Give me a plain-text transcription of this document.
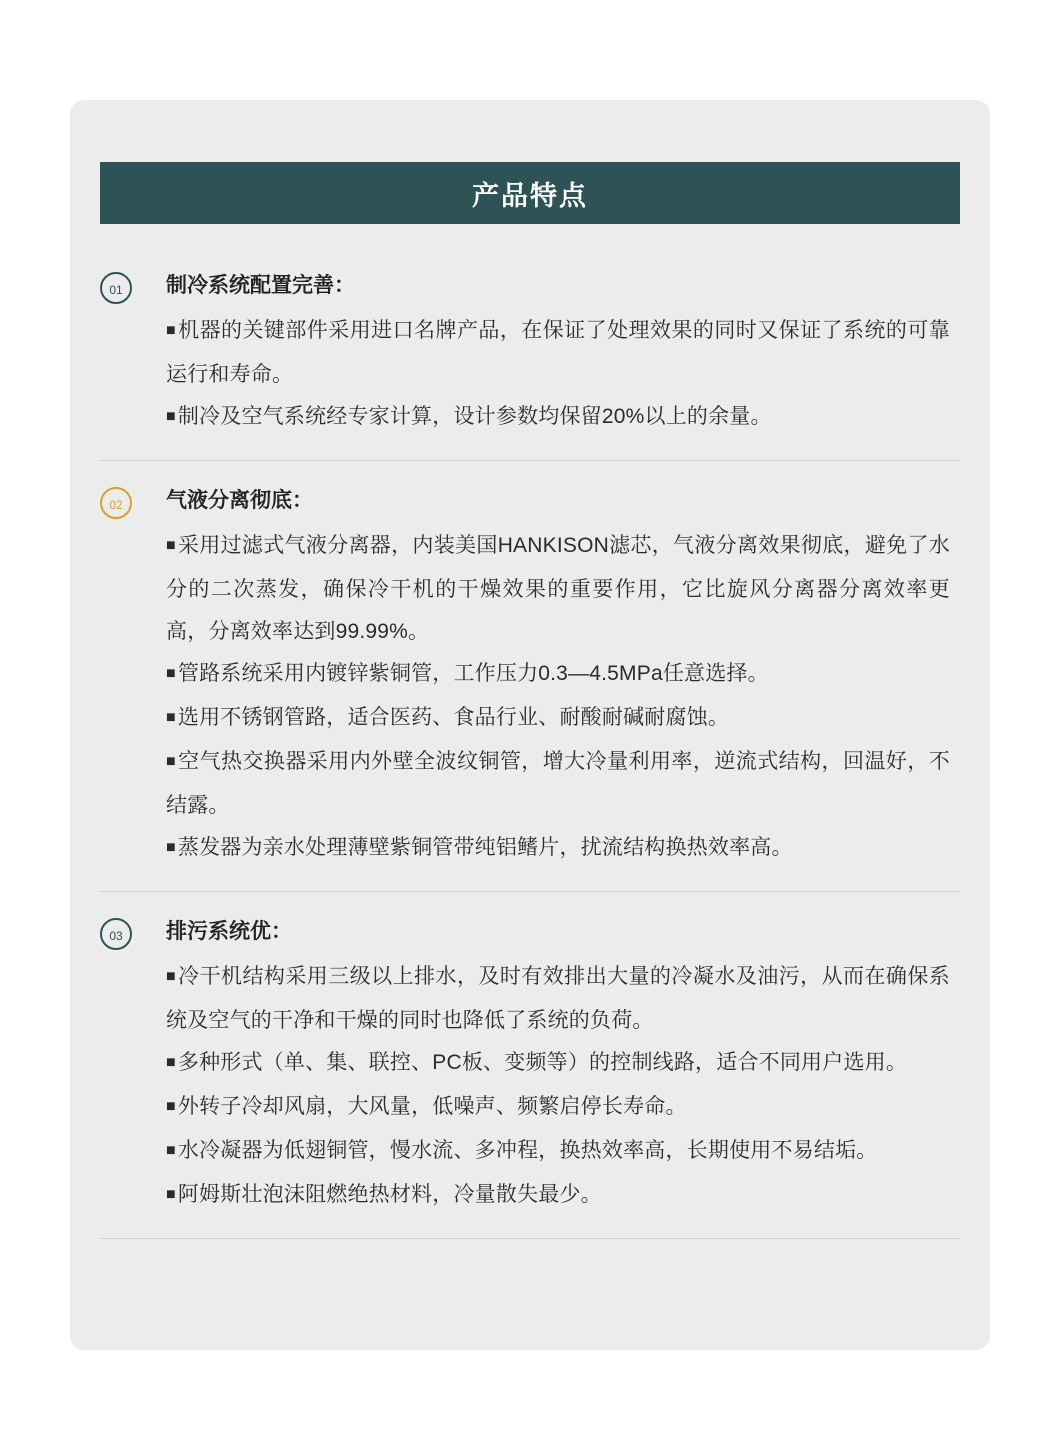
产品特点
01	制冷系统配置完善：
■机器的关键部件采用进口名牌产品，在保证了处理效果的同时又保证了系统的可靠运行和寿命。
■制冷及空气系统经专家计算，设计参数均保留20%以上的余量。
02	气液分离彻底：
■采用过滤式气液分离器，内装美国HANKISON滤芯，气液分离效果彻底，避免了水分的二次蒸发，确保冷干机的干燥效果的重要作用，它比旋风分离器分离效率更高，分离效率达到99.99%。
■管路系统采用内镀锌紫铜管，工作压力0.3—4.5MPa任意选择。
■选用不锈钢管路，适合医药、食品行业、耐酸耐碱耐腐蚀。
■空气热交换器采用内外壁全波纹铜管，增大冷量利用率，逆流式结构，回温好，不结露。
■蒸发器为亲水处理薄壁紫铜管带纯铝鳍片，扰流结构换热效率高。
03	排污系统优：
■冷干机结构采用三级以上排水，及时有效排出大量的冷凝水及油污，从而在确保系统及空气的干净和干燥的同时也降低了系统的负荷。
■多种形式（单、集、联控、PC板、变频等）的控制线路，适合不同用户选用。
■外转子冷却风扇，大风量，低噪声、频繁启停长寿命。
■水冷凝器为低翅铜管，慢水流、多冲程，换热效率高，长期使用不易结垢。
■阿姆斯壮泡沫阻燃绝热材料，冷量散失最少。
